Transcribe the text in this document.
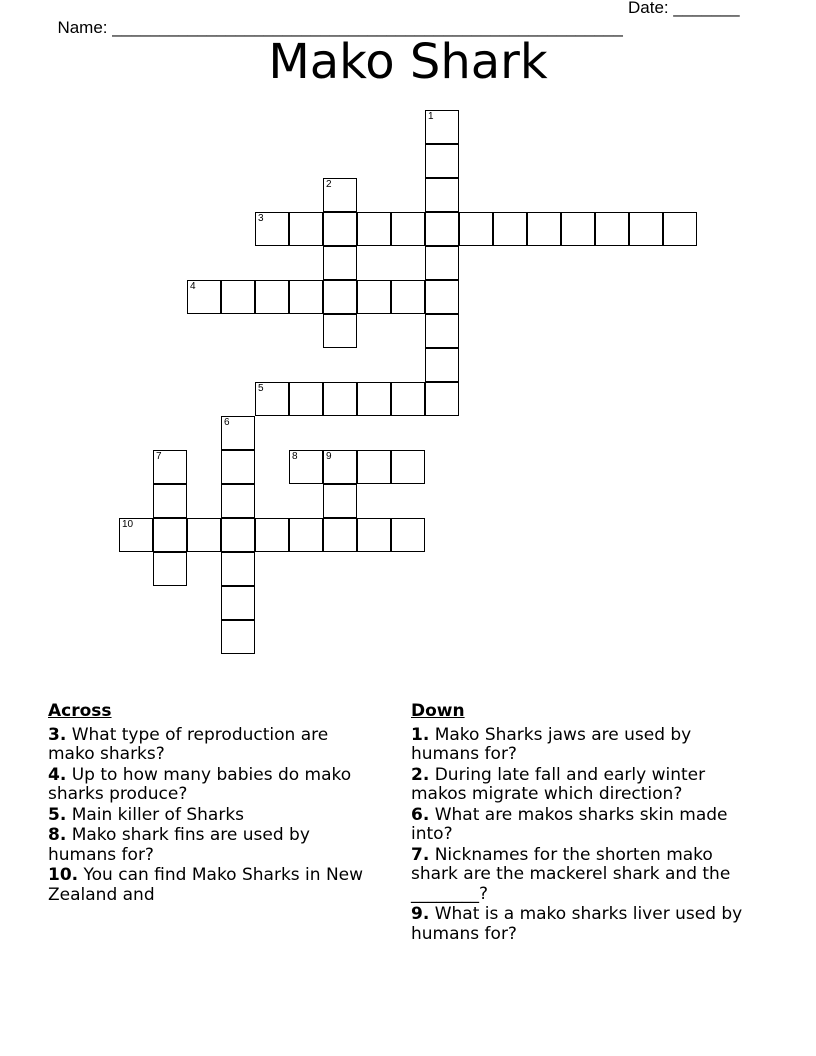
Name: ______________________________________________________

Date: _______

Mako Shark
1
2
3
4
5
6
7	8	9
10
Across
3. What type of reproduction are mako sharks?
4. Up to how many babies do mako sharks produce?
5. Main killer of Sharks
8. Mako shark fins are used by humans for?
10. You can find Mako Sharks in New Zealand and
Down
1. Mako Sharks jaws are used by humans for?
2. During late fall and early winter makos migrate which direction?
6. What are makos sharks skin made into?
7. Nicknames for the shorten mako shark are the mackerel shark and the ________?
9. What is a mako sharks liver used by humans for?
